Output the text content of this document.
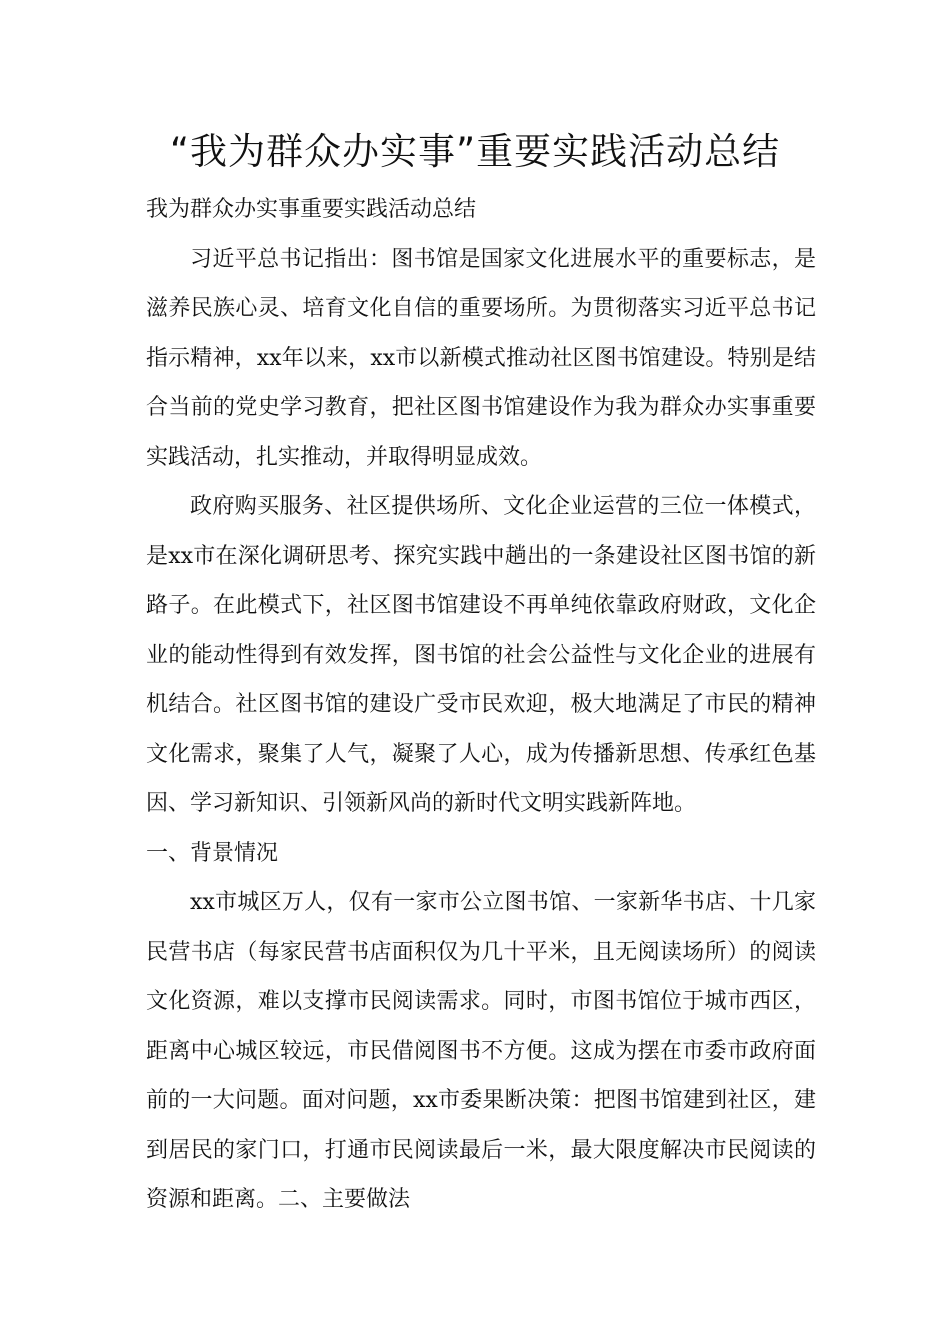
“我为群众办实事”重要实践活动总结

我为群众办实事重要实践活动总结

习近平总书记指出：图书馆是国家文化进展水平的重要标志，是滋养民族心灵、培育文化自信的重要场所。为贯彻落实习近平总书记指示精神，xx年以来，xx市以新模式推动社区图书馆建设。特别是结合当前的党史学习教育，把社区图书馆建设作为我为群众办实事重要实践活动，扎实推动，并取得明显成效。

政府购买服务、社区提供场所、文化企业运营的三位一体模式，是xx市在深化调研思考、探究实践中趟出的一条建设社区图书馆的新路子。在此模式下，社区图书馆建设不再单纯依靠政府财政，文化企业的能动性得到有效发挥，图书馆的社会公益性与文化企业的进展有机结合。社区图书馆的建设广受市民欢迎，极大地满足了市民的精神文化需求，聚集了人气，凝聚了人心，成为传播新思想、传承红色基因、学习新知识、引领新风尚的新时代文明实践新阵地。

一、背景情况

xx市城区万人，仅有一家市公立图书馆、一家新华书店、十几家民营书店（每家民营书店面积仅为几十平米，且无阅读场所）的阅读文化资源，难以支撑市民阅读需求。同时，市图书馆位于城市西区，距离中心城区较远，市民借阅图书不方便。这成为摆在市委市政府面前的一大问题。面对问题，xx市委果断决策：把图书馆建到社区，建到居民的家门口，打通市民阅读最后一米，最大限度解决市民阅读的资源和距离。二、主要做法
